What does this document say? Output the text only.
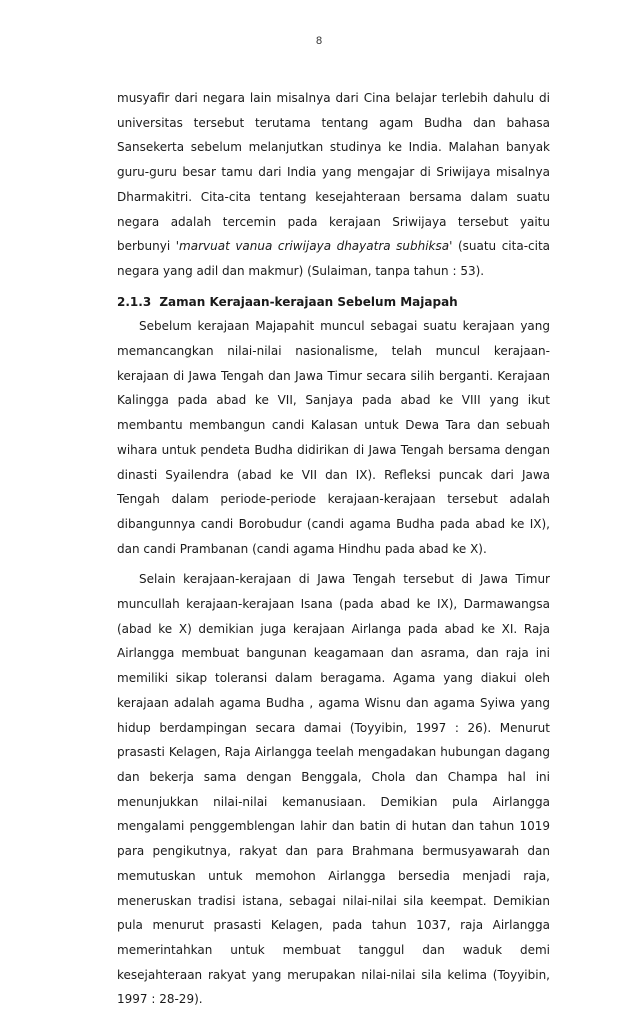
8

musyafir dari negara lain misalnya dari Cina belajar terlebih dahulu di universitas tersebut terutama tentang agam Budha dan bahasa Sansekerta sebelum melanjutkan studinya ke India. Malahan banyak guru-guru besar tamu dari India yang mengajar di Sriwijaya misalnya Dharmakitri. Cita-cita tentang kesejahteraan bersama dalam suatu negara adalah tercemin pada kerajaan Sriwijaya tersebut yaitu berbunyi 'marvuat vanua criwijaya dhayatra subhiksa' (suatu cita-cita negara yang adil dan makmur) (Sulaiman, tanpa tahun : 53).

2.1.3 Zaman Kerajaan-kerajaan Sebelum Majapah

Sebelum kerajaan Majapahit muncul sebagai suatu kerajaan yang memancangkan nilai-nilai nasionalisme, telah muncul kerajaan-kerajaan di Jawa Tengah dan Jawa Timur secara silih berganti. Kerajaan Kalingga pada abad ke VII, Sanjaya pada abad ke VIII yang ikut membantu membangun candi Kalasan untuk Dewa Tara dan sebuah wihara untuk pendeta Budha didirikan di Jawa Tengah bersama dengan dinasti Syailendra (abad ke VII dan IX). Refleksi puncak dari Jawa Tengah dalam periode-periode kerajaan-kerajaan tersebut adalah dibangunnya candi Borobudur (candi agama Budha pada abad ke IX), dan candi Prambanan (candi agama Hindhu pada abad ke X).

Selain kerajaan-kerajaan di Jawa Tengah tersebut di Jawa Timur muncullah kerajaan-kerajaan Isana (pada abad ke IX), Darmawangsa (abad ke X) demikian juga kerajaan Airlanga pada abad ke XI. Raja Airlangga membuat bangunan keagamaan dan asrama, dan raja ini memiliki sikap toleransi dalam beragama. Agama yang diakui oleh kerajaan adalah agama Budha , agama Wisnu dan agama Syiwa yang hidup berdampingan secara damai (Toyyibin, 1997 : 26). Menurut prasasti Kelagen, Raja Airlangga teelah mengadakan hubungan dagang dan bekerja sama dengan Benggala, Chola dan Champa hal ini menunjukkan nilai-nilai kemanusiaan. Demikian pula Airlangga mengalami penggemblengan lahir dan batin di hutan dan tahun 1019 para pengikutnya, rakyat dan para Brahmana bermusyawarah dan memutuskan untuk memohon Airlangga bersedia menjadi raja, meneruskan tradisi istana, sebagai nilai-nilai sila keempat. Demikian pula menurut prasasti Kelagen, pada tahun 1037, raja Airlangga memerintahkan untuk membuat tanggul dan waduk demi kesejahteraan rakyat yang merupakan nilai-nilai sila kelima (Toyyibin, 1997 : 28-29).
